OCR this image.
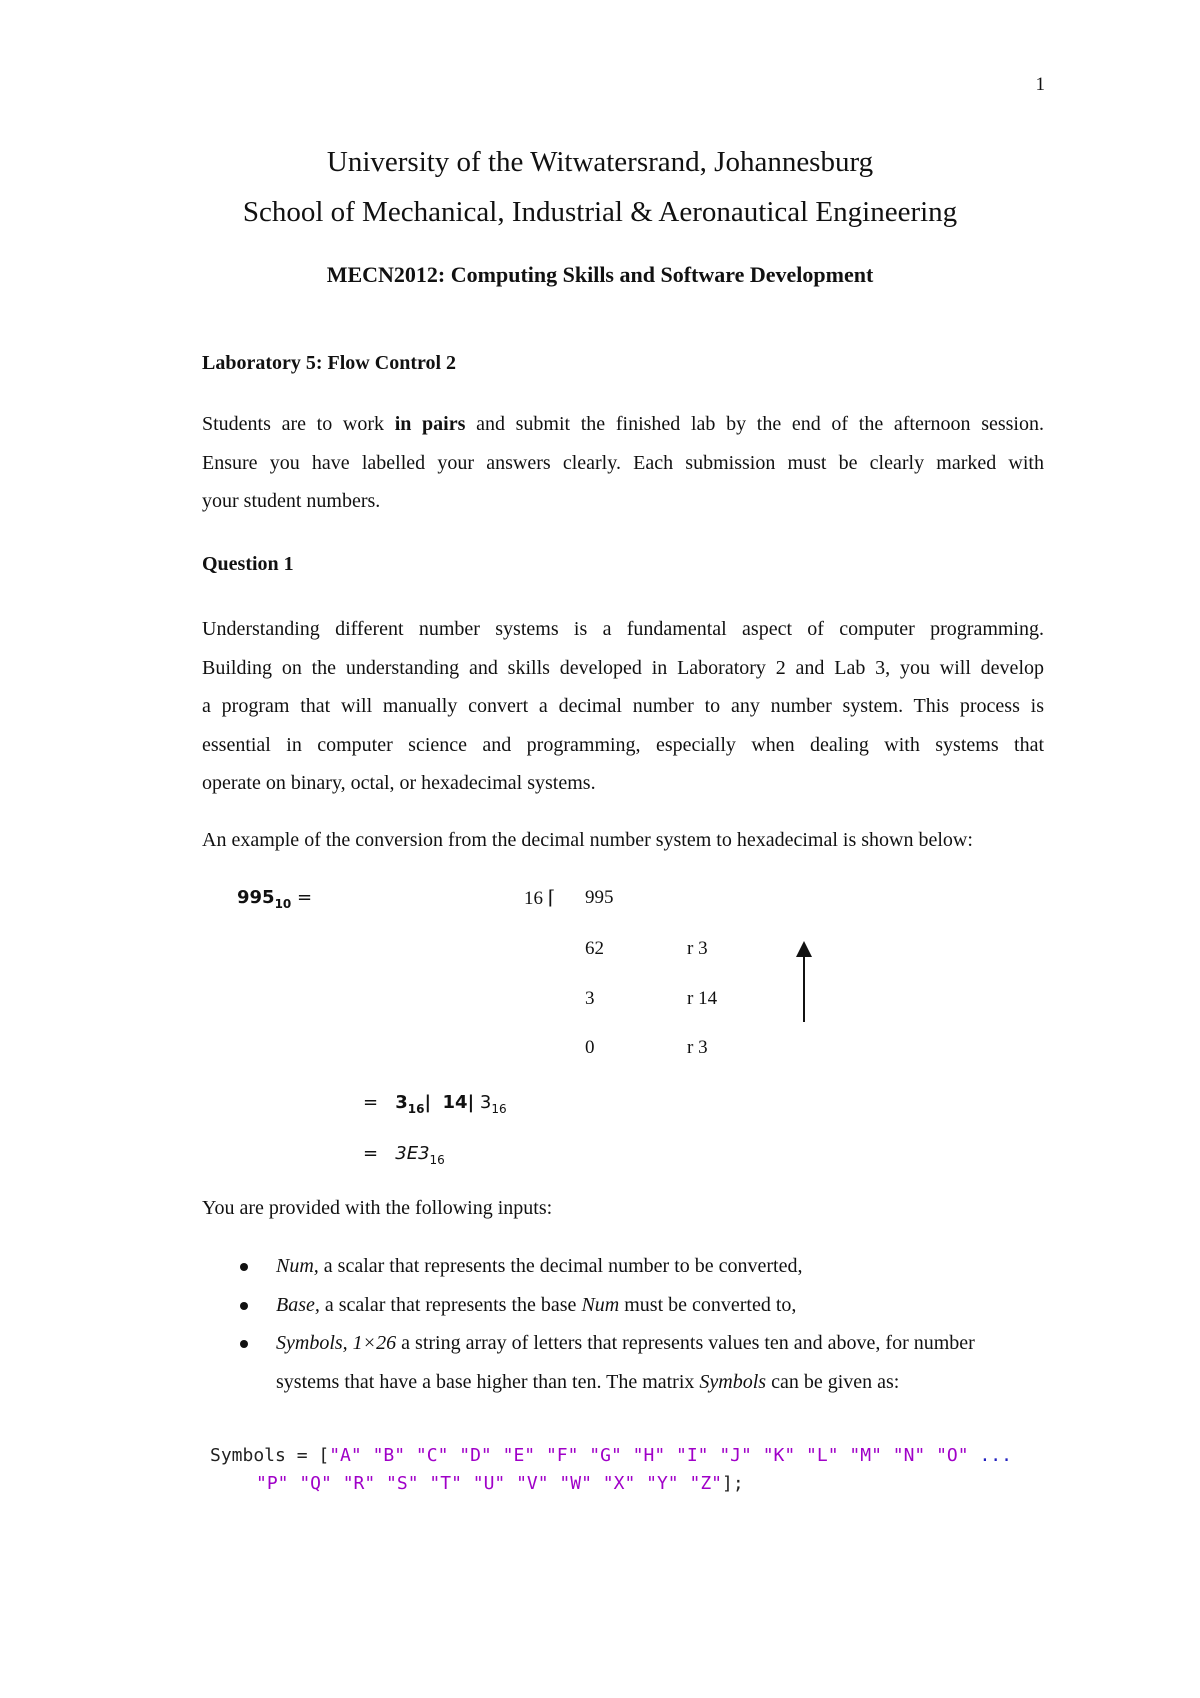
1
University of the Witwatersrand, Johannesburg
School of Mechanical, Industrial & Aeronautical Engineering
MECN2012: Computing Skills and Software Development
Laboratory 5: Flow Control 2

Students are to work in pairs and submit the finished lab by the end of the afternoon session.

Ensure you have labelled your answers clearly. Each submission must be clearly marked with

your student numbers.

Question 1

Understanding different number systems is a fundamental aspect of computer programming.

Building on the understanding and skills developed in Laboratory 2 and Lab 3, you will develop

a program that will manually convert a decimal number to any number system. This process is

essential in computer science and programming, especially when dealing with systems that

operate on binary, octal, or hexadecimal systems.

An example of the conversion from the decimal number system to hexadecimal is shown below:
$995_{10}$ =	16 ⌈ 995
62
3
0
r 3
r 14
r 3
= $3_{16}|$ 14| $3_{16}$
= $3E3_{16}$
You are provided with the following inputs:
Num, a scalar that represents the decimal number to be converted,
Base, a scalar that represents the base Num must be converted to,
Symbols, 1×26 a string array of letters that represents values ten and above, for number
systems that have a base higher than ten. The matrix Symbols can be given as:
Symbols = ["A" "B" "C" "D" "E" "F" "G" "H" "I" "J" "K" "L" "M" "N" "O" ...
"P" "Q" "R" "S" "T" "U" "V" "W" "X" "Y" "Z"];
